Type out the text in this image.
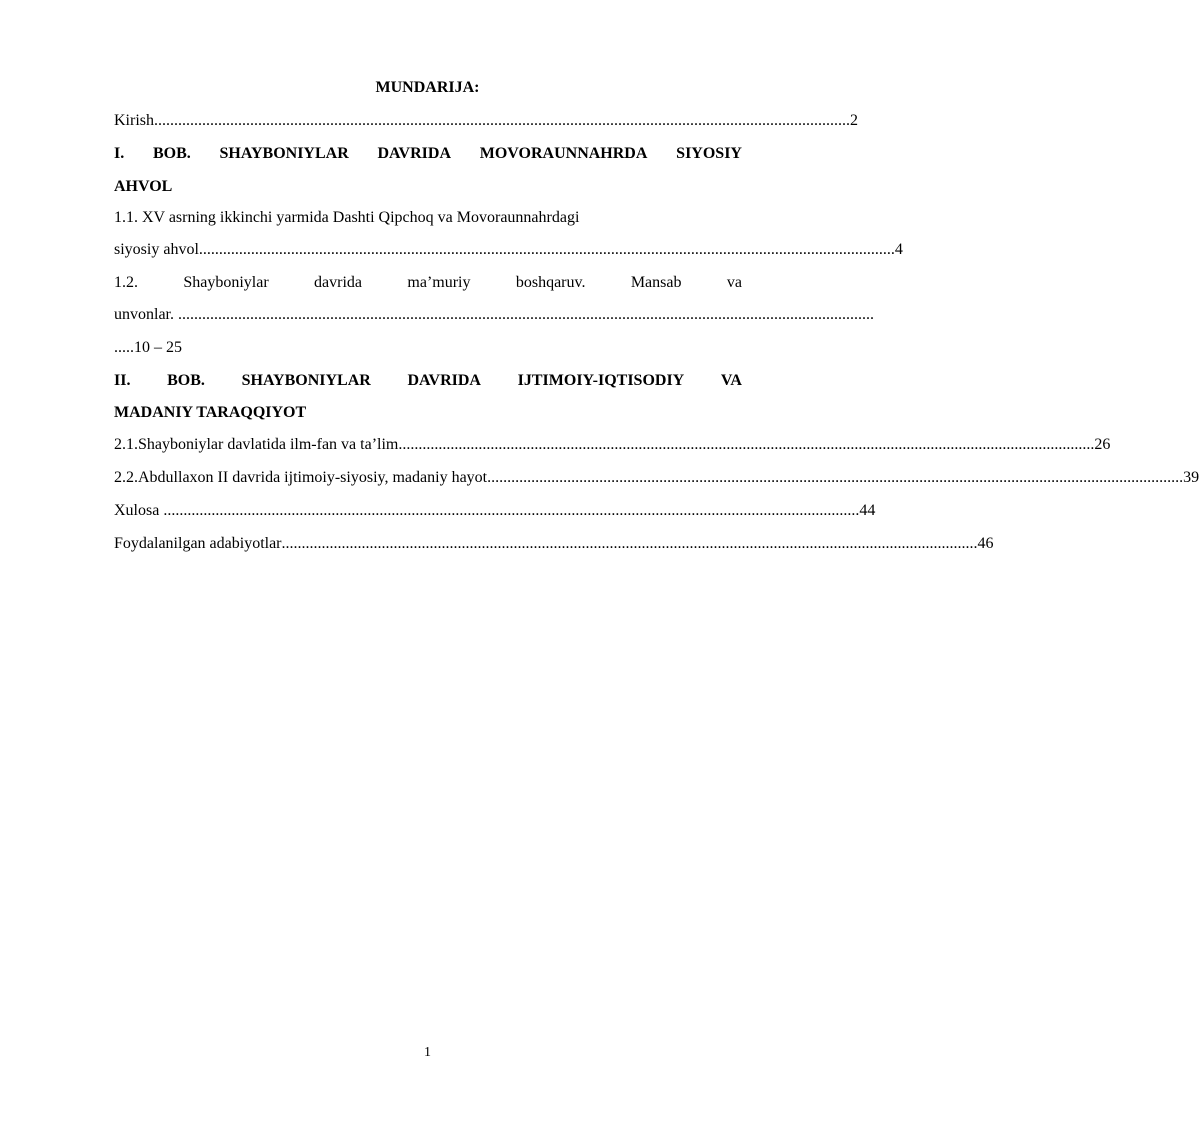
MUNDARIJA:
Kirish .............................................................................................................................................................................. 2
I. BOB. SHAYBONIYLAR DAVRIDA MOVORAUNNAHRDA SIYOSIY
AHVOL
1.1. XV asrning ikkinchi yarmida Dashti Qipchoq va Movoraunnahrdagi
siyosiy ahvol .............................................................................................................................................................................. 4
1.2.	Shayboniylar	davrida	ma’muriy	boshqaruv.	Mansab	va
unvonlar. ..............................................................................................................................................................................
.....10 – 25
II. BOB. SHAYBONIYLAR DAVRIDA IJTIMOIY-IQTISODIY VA
MADANIY TARAQQIYOT
2.1.Shayboniylar davlatida ilm-fan va ta’lim .............................................................................................................................................................................. 26
2.2.Abdullaxon II davrida ijtimoiy-siyosiy, madaniy hayot .............................................................................................................................................................................. 39
Xulosa .............................................................................................................................................................................. 44
Foydalanilgan adabiyotlar .............................................................................................................................................................................. 46
1
